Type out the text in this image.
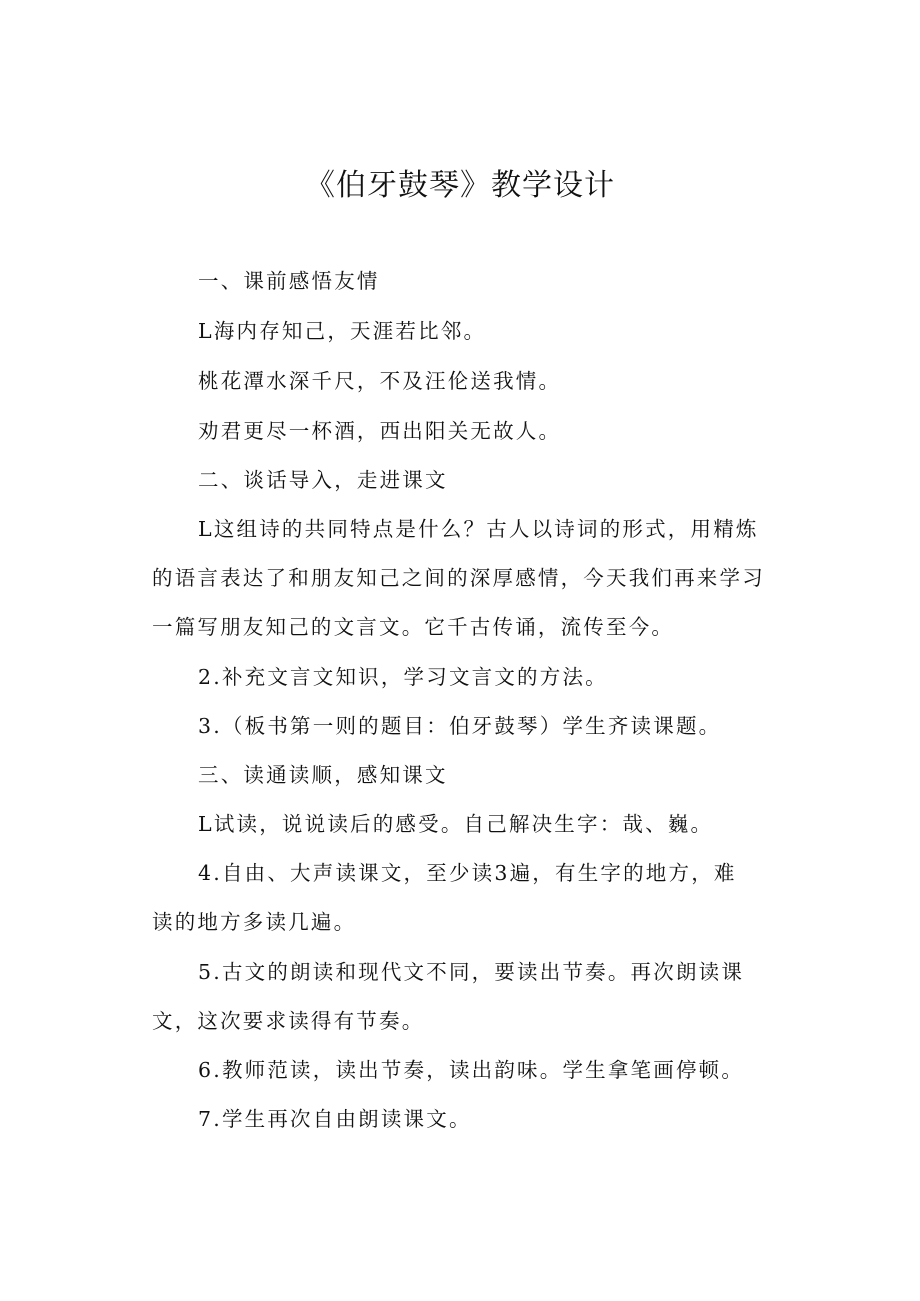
《伯牙鼓琴》教学设计
一、课前感悟友情
L海内存知己，天涯若比邻。
桃花潭水深千尺，不及汪伦送我情。
劝君更尽一杯酒，西出阳关无故人。
二、谈话导入，走进课文
L这组诗的共同特点是什么？古人以诗词的形式，用精炼
的语言表达了和朋友知己之间的深厚感情，今天我们再来学习
一篇写朋友知己的文言文。它千古传诵，流传至今。
2.补充文言文知识，学习文言文的方法。
3.（板书第一则的题目：伯牙鼓琴）学生齐读课题。
三、读通读顺，感知课文
L试读，说说读后的感受。自己解决生字：哉、巍。
4.自由、大声读课文，至少读3遍，有生字的地方，难
读的地方多读几遍。
5.古文的朗读和现代文不同，要读出节奏。再次朗读课
文，这次要求读得有节奏。
6.教师范读，读出节奏，读出韵味。学生拿笔画停顿。
7.学生再次自由朗读课文。
